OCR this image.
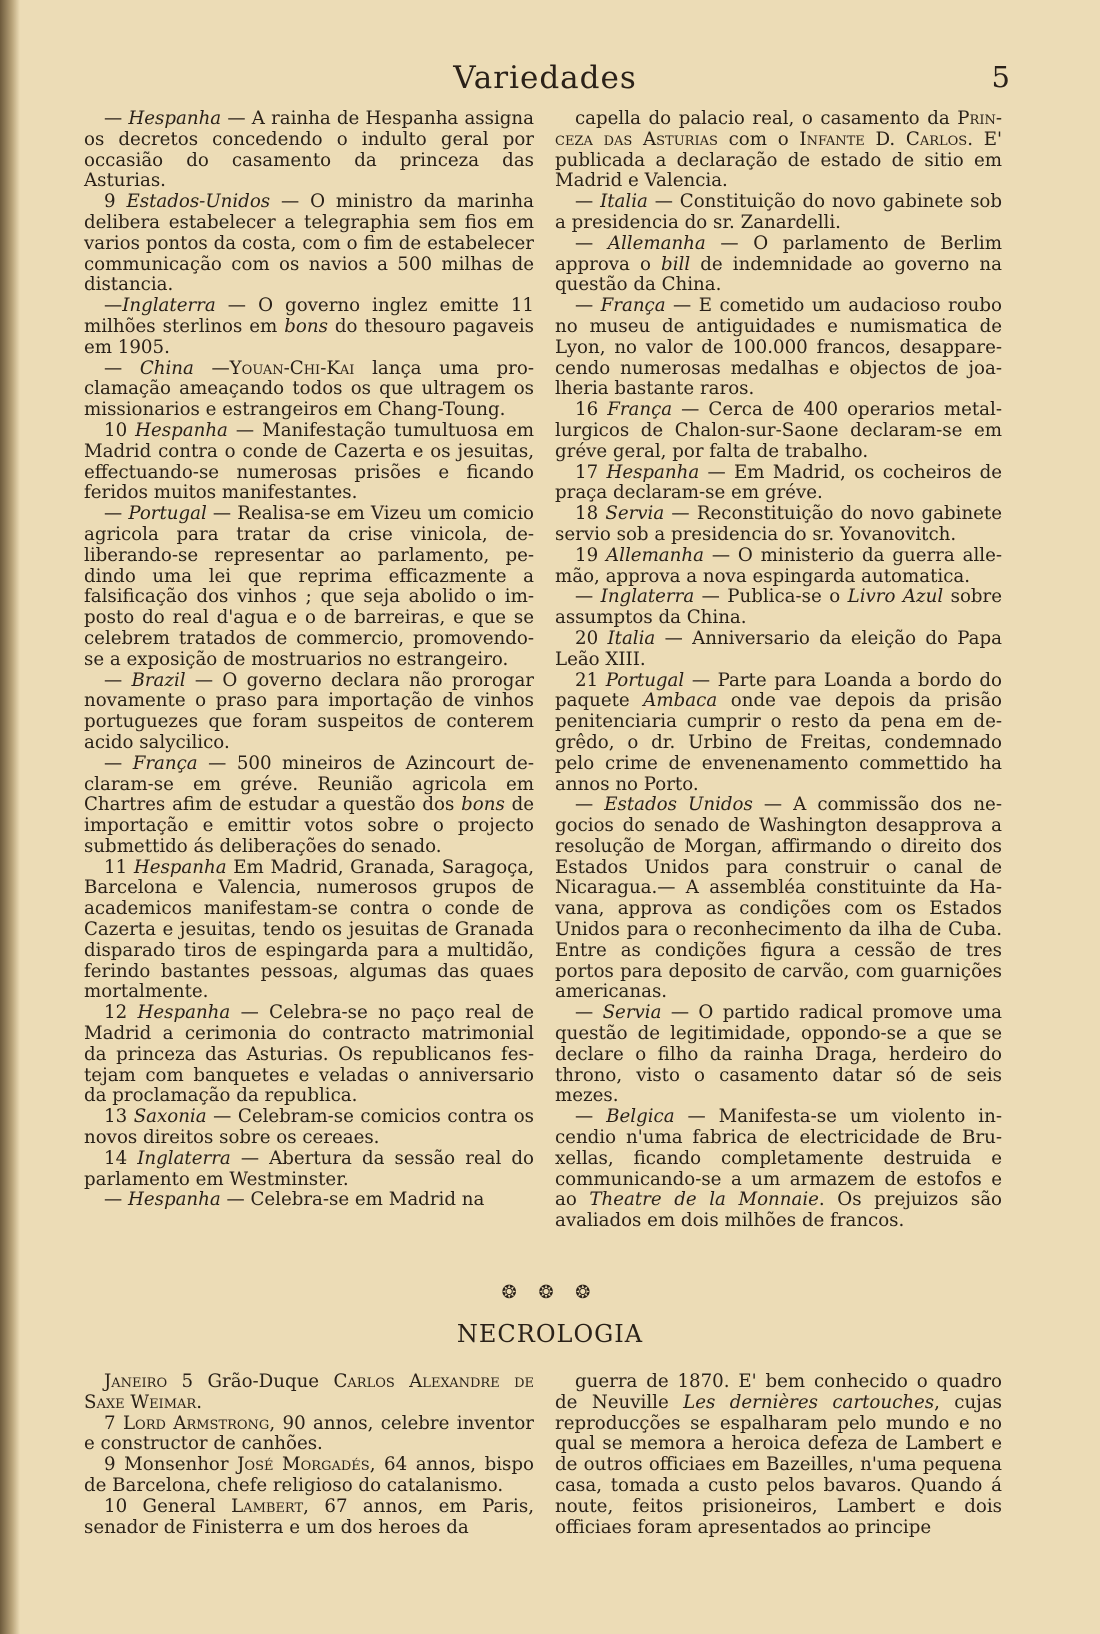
Variedades	5

— Hespanha — A rainha de Hespanha assigna os decretos concedendo o indulto geral por occasião do casamento da princeza das Asturias.

9 Estados-Unidos — O ministro da marinha delibera estabelecer a telegraphia sem fios em varios pontos da costa, com o fim de estabelecer communicação com os navios a 500 milhas de distancia.

—Inglaterra — O governo inglez emitte 11 milhões sterlinos em bons do thesouro pagaveis em 1905.

— China —Youan-Chi-Kai lança uma proclamação ameaçando todos os que ultragem os missionarios e estrangeiros em Chang-Toung.

10 Hespanha — Manifestação tumultuosa em Madrid contra o conde de Cazerta e os jesuitas, effectuando-se numerosas prisões e ficando feridos muitos manifestantes.

— Portugal — Realisa-se em Vizeu um comicio agricola para tratar da crise vinicola, deliberando-se representar ao parlamento, pedindo uma lei que reprima efficazmente a falsificação dos vinhos ; que seja abolido o imposto do real d'agua e o de barreiras, e que se celebrem tratados de commercio, promovendo-se a exposição de mostruarios no estrangeiro.

— Brazil — O governo declara não prorogar novamente o praso para importação de vinhos portuguezes que foram suspeitos de conterem acido salycilico.

— França — 500 mineiros de Azincourt declaram-se em gréve. Reunião agricola em Chartres afim de estudar a questão dos bons de importação e emittir votos sobre o projecto submettido ás deliberações do senado.

11 Hespanha Em Madrid, Granada, Saragoça, Barcelona e Valencia, numerosos grupos de academicos manifestam-se contra o conde de Cazerta e jesuitas, tendo os jesuitas de Granada disparado tiros de espingarda para a multidão, ferindo bastantes pessoas, algumas das quaes mortalmente.

12 Hespanha — Celebra-se no paço real de Madrid a cerimonia do contracto matrimonial da princeza das Asturias. Os republicanos festejam com banquetes e veladas o anniversario da proclamação da republica.

13 Saxonia — Celebram-se comicios contra os novos direitos sobre os cereaes.

14 Inglaterra — Abertura da sessão real do parlamento em Westminster.

— Hespanha — Celebra-se em Madrid na

capella do palacio real, o casamento da Princeza das Asturias com o Infante D. Carlos. E' publicada a declaração de estado de sitio em Madrid e Valencia.

— Italia — Constituição do novo gabinete sob a presidencia do sr. Zanardelli.

— Allemanha — O parlamento de Berlim approva o bill de indemnidade ao governo na questão da China.

— França — E cometido um audacioso roubo no museu de antiguidades e numismatica de Lyon, no valor de 100.000 francos, desapparecendo numerosas medalhas e objectos de joalheria bastante raros.

16 França — Cerca de 400 operarios metallurgicos de Chalon-sur-Saone declaram-se em gréve geral, por falta de trabalho.

17 Hespanha — Em Madrid, os cocheiros de praça declaram-se em gréve.

18 Servia — Reconstituição do novo gabinete servio sob a presidencia do sr. Yovanovitch.

19 Allemanha — O ministerio da guerra allemão, approva a nova espingarda automatica.

— Inglaterra — Publica-se o Livro Azul sobre assumptos da China.

20 Italia — Anniversario da eleição do Papa Leão XIII.

21 Portugal — Parte para Loanda a bordo do paquete Ambaca onde vae depois da prisão penitenciaria cumprir o resto da pena em degrêdo, o dr. Urbino de Freitas, condemnado pelo crime de envenenamento commettido ha annos no Porto.

— Estados Unidos — A commissão dos negocios do senado de Washington desapprova a resolução de Morgan, affirmando o direito dos Estados Unidos para construir o canal de Nicaragua.— A assembléa constituinte da Havana, approva as condições com os Estados Unidos para o reconhecimento da ilha de Cuba. Entre as condições figura a cessão de tres portos para deposito de carvão, com guarnições americanas.

— Servia — O partido radical promove uma questão de legitimidade, oppondo-se a que se declare o filho da rainha Draga, herdeiro do throno, visto o casamento datar só de seis mezes.

— Belgica — Manifesta-se um violento incendio n'uma fabrica de electricidade de Bruxellas, ficando completamente destruida e communicando-se a um armazem de estofos e ao Theatre de la Monnaie. Os prejuizos são avaliados em dois milhões de francos.

❂ ❂ ❂
NECROLOGIA

Janeiro 5 Grão-Duque Carlos Alexandre de Saxe Weimar.

7 Lord Armstrong, 90 annos, celebre inventor e constructor de canhões.

9 Monsenhor José Morgadés, 64 annos, bispo de Barcelona, chefe religioso do catalanismo.

10 General Lambert, 67 annos, em Paris, senador de Finisterra e um dos heroes da

guerra de 1870. E' bem conhecido o quadro de Neuville Les dernières cartouches, cujas reproducções se espalharam pelo mundo e no qual se memora a heroica defeza de Lambert e de outros officiaes em Bazeilles, n'uma pequena casa, tomada a custo pelos bavaros. Quando á noute, feitos prisioneiros, Lambert e dois officiaes foram apresentados ao principe
